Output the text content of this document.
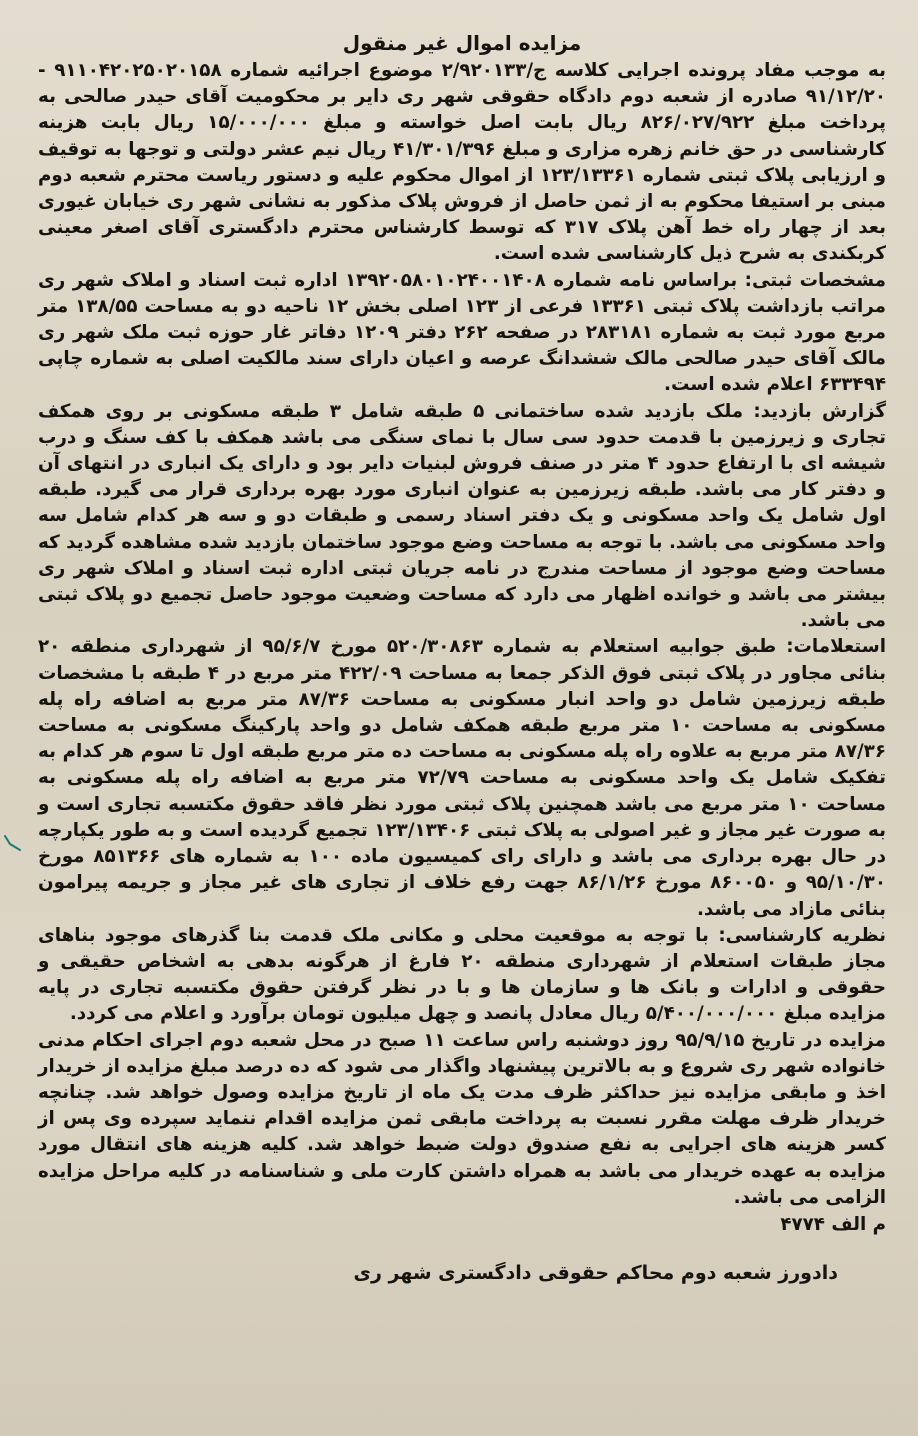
مزایده اموال غیر منقول

به موجب مفاد پرونده اجرایی کلاسه ج/۲/۹۲۰۱۳۳ موضوع اجرائیه شماره ۹۱۱۰۴۲۰۲۵۰۲۰۱۵۸ - ۹۱/۱۲/۲۰ صادره از شعبه دوم دادگاه حقوقی شهر ری دایر بر محکومیت آقای حیدر صالحی به پرداخت مبلغ ۸۲۶/۰۲۷/۹۲۲ ریال بابت اصل خواسته و مبلغ ۱۵/۰۰۰/۰۰۰ ریال بابت هزینه کارشناسی در حق خانم زهره مزاری و مبلغ ۴۱/۳۰۱/۳۹۶ ریال نیم عشر دولتی و توجها به توقیف و ارزیابی پلاک ثبتی شماره ۱۲۳/۱۳۳۶۱ از اموال محکوم علیه و دستور ریاست محترم شعبه دوم مبنی بر استیفا محکوم به از ثمن حاصل از فروش پلاک مذکور به نشانی شهر ری خیابان غیوری بعد از چهار راه خط آهن پلاک ۳۱۷ که توسط کارشناس محترم دادگستری آقای اصغر معینی کربکندی به شرح ذیل کارشناسی شده است.

مشخصات ثبتی: براساس نامه شماره ۱۳۹۲۰۵۸۰۱۰۲۴۰۰۱۴۰۸ اداره ثبت اسناد و املاک شهر ری مراتب بازداشت پلاک ثبتی ۱۳۳۶۱ فرعی از ۱۲۳ اصلی بخش ۱۲ ناحیه دو به مساحت ۱۳۸/۵۵ متر مربع مورد ثبت به شماره ۲۸۳۱۸۱ در صفحه ۲۶۲ دفتر ۱۲۰۹ دفاتر غار حوزه ثبت ملک شهر ری مالک آقای حیدر صالحی مالک ششدانگ عرصه و اعیان دارای سند مالکیت اصلی به شماره چاپی ۶۳۳۴۹۴ اعلام شده است.

گزارش بازدید: ملک بازدید شده ساختمانی ۵ طبقه شامل ۳ طبقه مسکونی بر روی همکف تجاری و زیرزمین با قدمت حدود سی سال با نمای سنگی می باشد همکف با کف سنگ و درب شیشه ای با ارتفاع حدود ۴ متر در صنف فروش لبنیات دایر بود و دارای یک انباری در انتهای آن و دفتر کار می باشد. طبقه زیرزمین به عنوان انباری مورد بهره برداری قرار می گیرد. طبقه اول شامل یک واحد مسکونی و یک دفتر اسناد رسمی و طبقات دو و سه هر کدام شامل سه واحد مسکونی می باشد. با توجه به مساحت وضع موجود ساختمان بازدید شده مشاهده گردید که مساحت وضع موجود از مساحت مندرج در نامه جریان ثبتی اداره ثبت اسناد و املاک شهر ری بیشتر می باشد و خوانده اظهار می دارد که مساحت وضعیت موجود حاصل تجمیع دو پلاک ثبتی می باشد.

استعلامات: طبق جوابیه استعلام به شماره ۵۲۰/۳۰۸۶۳ مورخ ۹۵/۶/۷ از شهرداری منطقه ۲۰ بنائی مجاور در پلاک ثبتی فوق الذکر جمعا به مساحت ۴۲۲/۰۹ متر مربع در ۴ طبقه با مشخصات طبقه زیرزمین شامل دو واحد انبار مسکونی به مساحت ۸۷/۳۶ متر مربع به اضافه راه پله مسکونی به مساحت ۱۰ متر مربع طبقه همکف شامل دو واحد پارکینگ مسکونی به مساحت ۸۷/۳۶ متر مربع به علاوه راه پله مسکونی به مساحت ده متر مربع طبقه اول تا سوم هر کدام به تفکیک شامل یک واحد مسکونی به مساحت ۷۲/۷۹ متر مربع به اضافه راه پله مسکونی به مساحت ۱۰ متر مربع می باشد همچنین پلاک ثبتی مورد نظر فاقد حقوق مکتسبه تجاری است و به صورت غیر مجاز و غیر اصولی به پلاک ثبتی ۱۲۳/۱۳۴۰۶ تجمیع گردیده است و به طور یکپارچه در حال بهره برداری می باشد و دارای رای کمیسیون ماده ۱۰۰ به شماره های ۸۵۱۳۶۶ مورخ ۹۵/۱۰/۳۰ و ۸۶۰۰۵۰ مورخ ۸۶/۱/۲۶ جهت رفع خلاف از تجاری های غیر مجاز و جریمه پیرامون بنائی مازاد می باشد.

نظریه کارشناسی: با توجه به موقعیت محلی و مکانی ملک قدمت بنا گذرهای موجود بناهای مجاز طبقات استعلام از شهرداری منطقه ۲۰ فارغ از هرگونه بدهی به اشخاص حقیقی و حقوقی و ادارات و بانک ها و سازمان ها و با در نظر گرفتن حقوق مکتسبه تجاری در پایه مزایده مبلغ ۵/۴۰۰/۰۰۰/۰۰۰ ریال معادل پانصد و چهل میلیون تومان برآورد و اعلام می کردد.

مزایده در تاریخ ۹۵/۹/۱۵ روز دوشنبه راس ساعت ۱۱ صبح در محل شعبه دوم اجرای احکام مدنی خانواده شهر ری شروع و به بالاترین پیشنهاد واگذار می شود که ده درصد مبلغ مزایده از خریدار اخذ و مابقی مزایده نیز حداکثر ظرف مدت یک ماه از تاریخ مزایده وصول خواهد شد. چنانچه خریدار ظرف مهلت مقرر نسبت به پرداخت مابقی ثمن مزایده اقدام ننماید سپرده وی پس از کسر هزینه های اجرایی به نفع صندوق دولت ضبط خواهد شد. کلیه هزینه های انتقال مورد مزایده به عهده خریدار می باشد به همراه داشتن کارت ملی و شناسنامه در کلیه مراحل مزایده الزامی می باشد.

م الف ۴۷۷۴

دادورز شعبه دوم محاکم حقوقی دادگستری شهر ری
